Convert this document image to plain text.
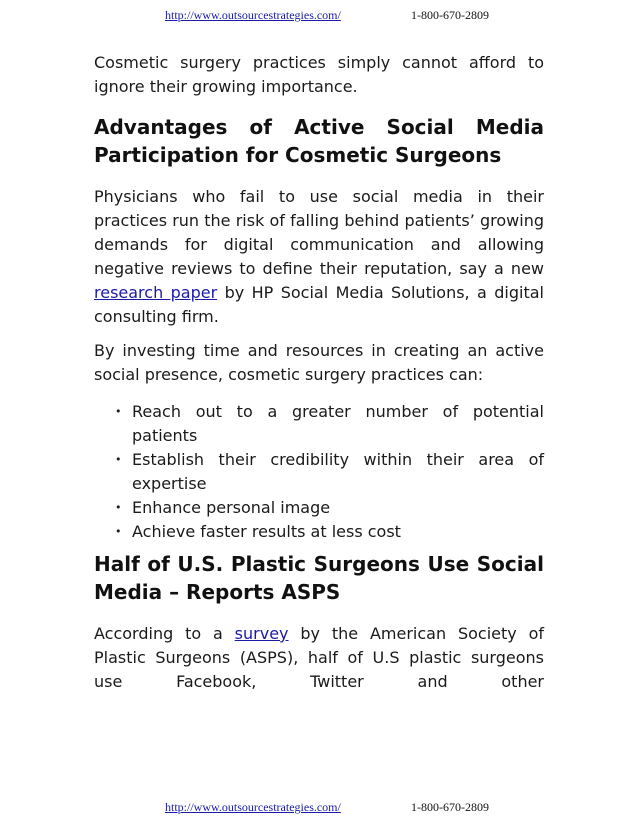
http://www.outsourcestrategies.com/	1-800-670-2809

Cosmetic surgery practices simply cannot afford to ignore their growing importance.

Advantages of Active Social Media Participation for Cosmetic Surgeons

Physicians who fail to use social media in their practices run the risk of falling behind patients’ growing demands for digital communication and allowing negative reviews to define their reputation, say a new research paper by HP Social Media Solutions, a digital consulting firm.

By investing time and resources in creating an active social presence, cosmetic surgery practices can:

• Reach out to a greater number of potential patients
• Establish their credibility within their area of expertise
• Enhance personal image
• Achieve faster results at less cost
Half of U.S. Plastic Surgeons Use Social Media – Reports ASPS

According to a survey by the American Society of Plastic Surgeons (ASPS), half of U.S plastic surgeons use Facebook, Twitter and other

http://www.outsourcestrategies.com/	1-800-670-2809
